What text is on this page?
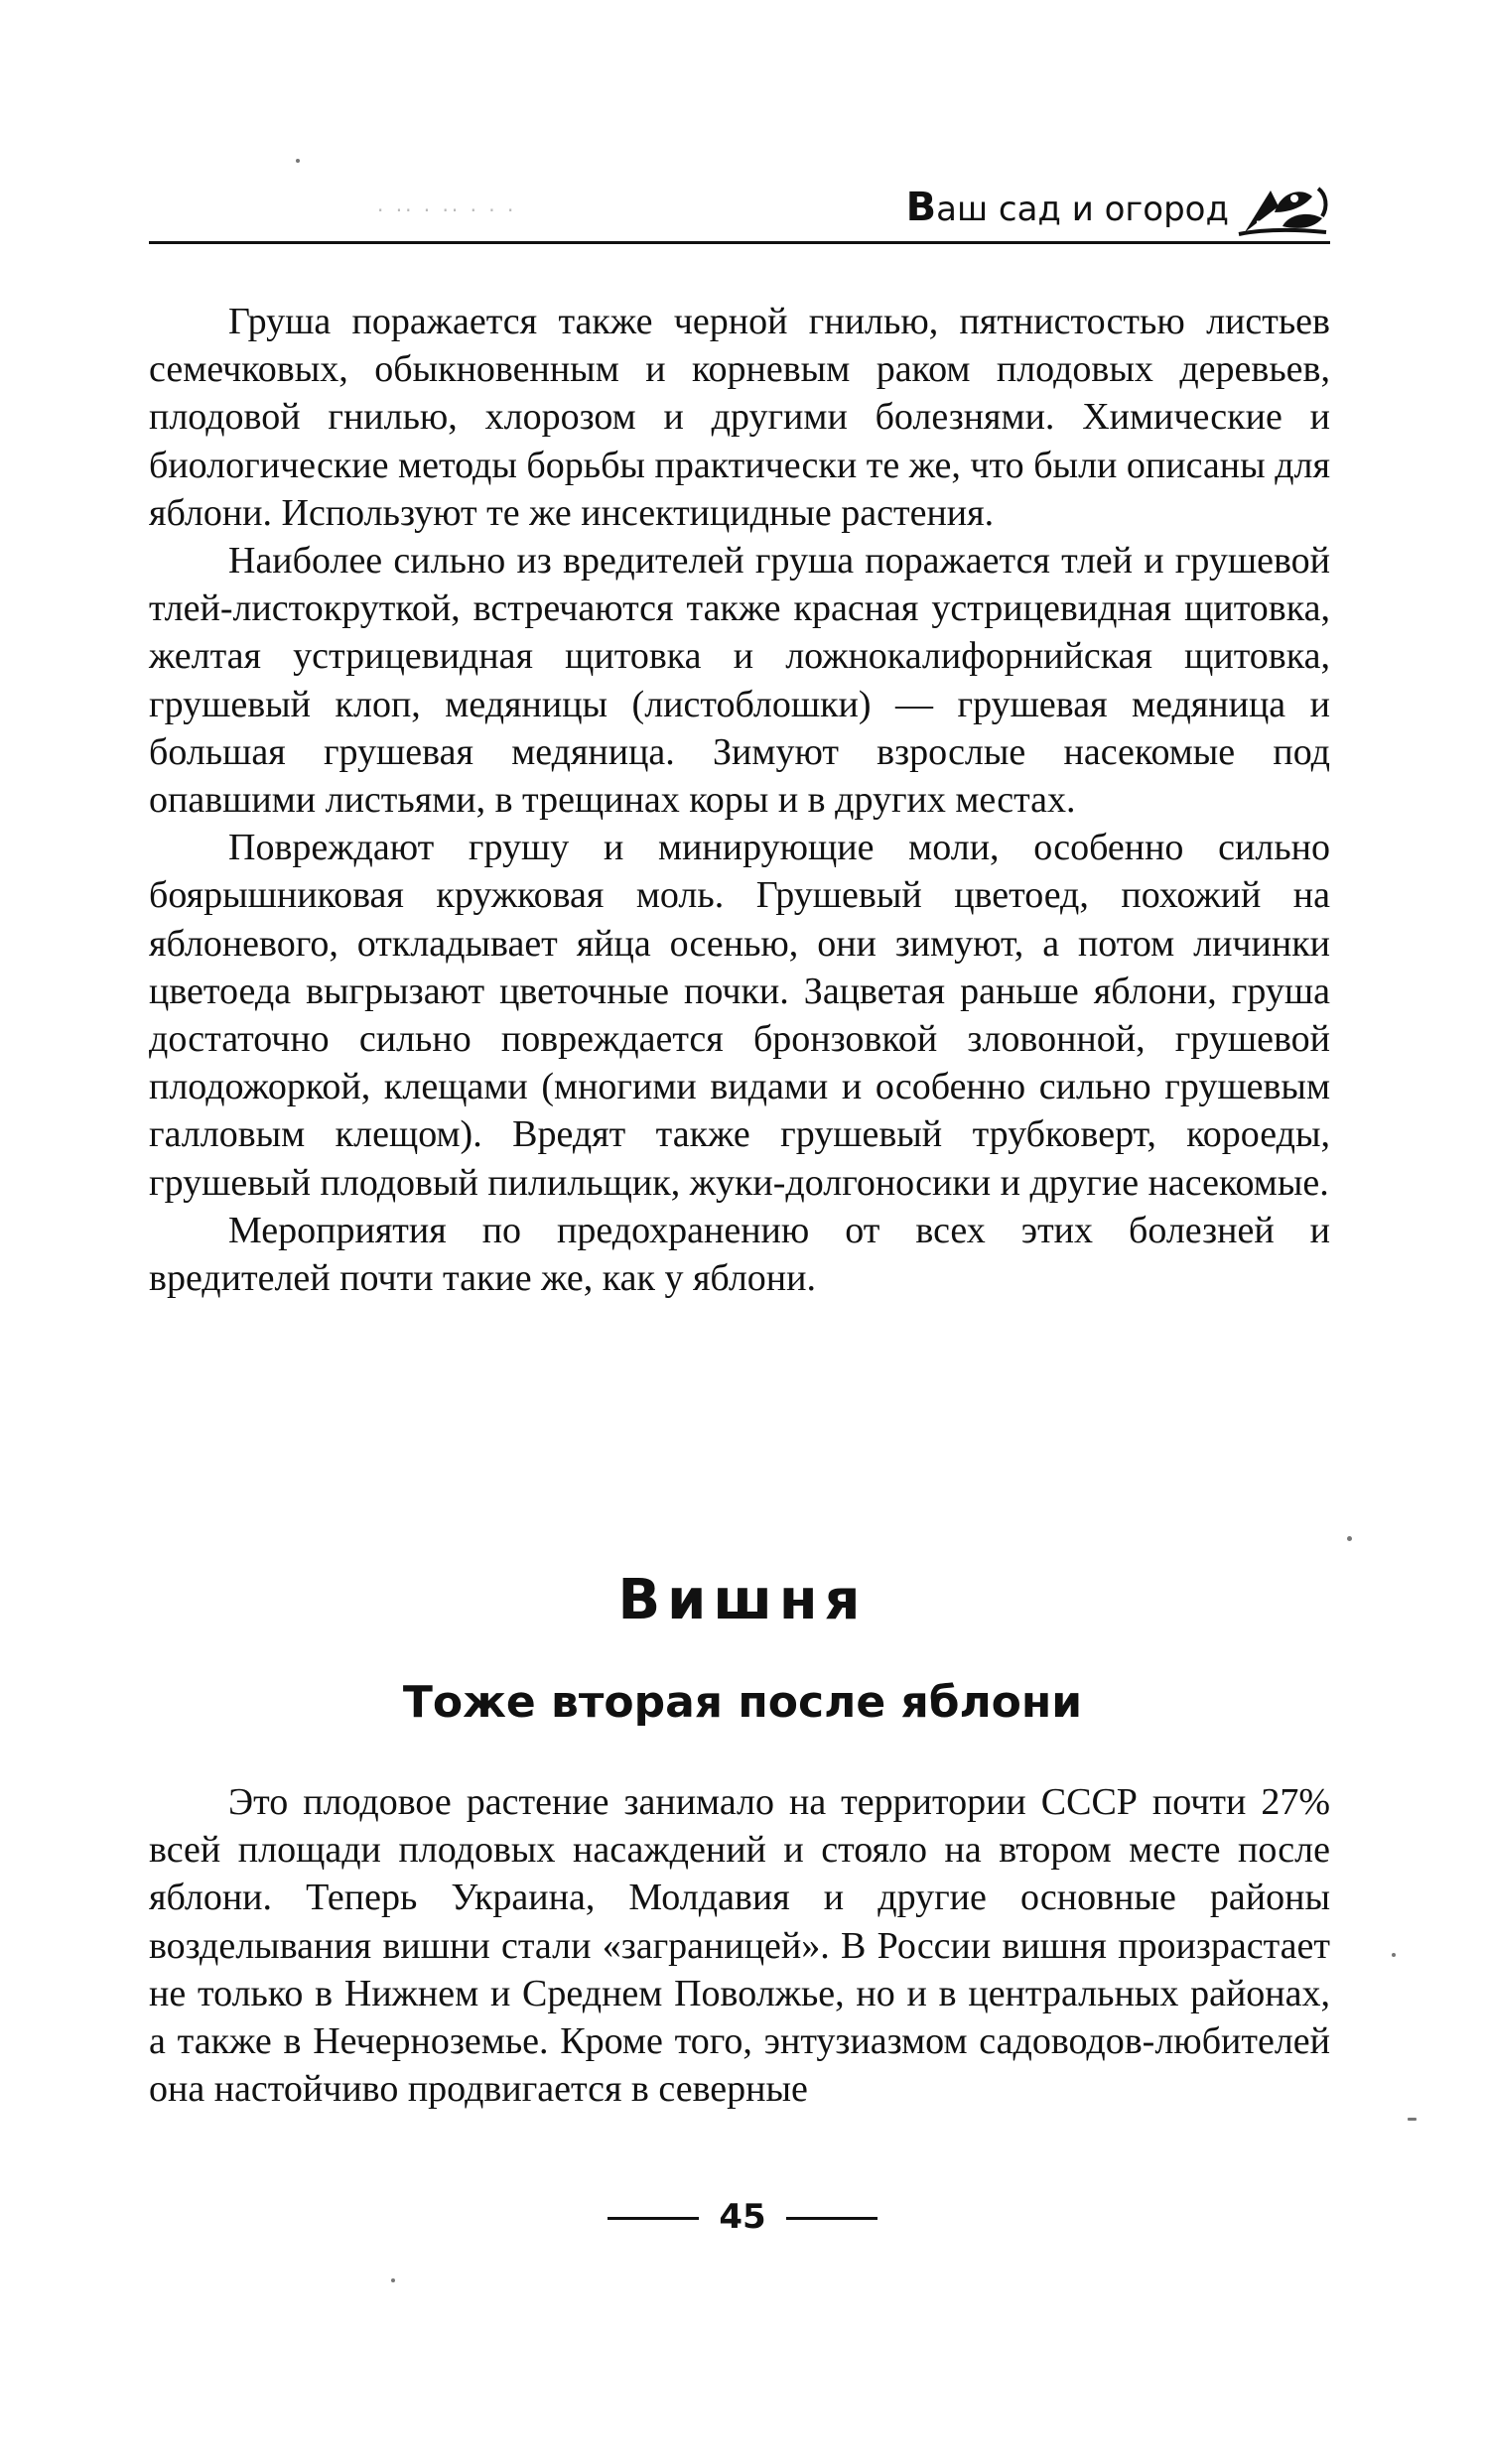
· ·· · ·· · · ·	Ваш сад и огород

Груша поражается также черной гнилью, пятнистостью листьев семечковых, обыкновенным и корневым раком плодовых деревьев, плодовой гнилью, хлорозом и другими болезнями. Химические и биологические методы борьбы практически те же, что были описаны для яблони. Используют те же инсектицидные растения.

Наиболее сильно из вредителей груша поражается тлей и грушевой тлей-листокруткой, встречаются также красная устрицевидная щитовка, желтая устрицевидная щитовка и ложнокалифорнийская щитовка, грушевый клоп, медяницы (листоблошки) — грушевая медяница и большая грушевая медяница. Зимуют взрослые насекомые под опавшими листьями, в трещинах коры и в других местах.

Повреждают грушу и минирующие моли, особенно сильно боярышниковая кружковая моль. Грушевый цветоед, похожий на яблоневого, откладывает яйца осенью, они зимуют, а потом личинки цветоеда выгрызают цветочные почки. Зацветая раньше яблони, груша достаточно сильно повреждается бронзовкой зловонной, грушевой плодожоркой, клещами (многими видами и особенно сильно грушевым галловым клещом). Вредят также грушевый трубковерт, короеды, грушевый плодовый пилильщик, жуки-долгоносики и другие насекомые.

Мероприятия по предохранению от всех этих болезней и вредителей почти такие же, как у яблони.

Вишня
Тоже вторая после яблони

Это плодовое растение занимало на территории СССР почти 27% всей площади плодовых насаждений и стояло на втором месте после яблони. Теперь Украина, Молдавия и другие основные районы возделывания вишни стали «заграницей». В России вишня произрастает не только в Нижнем и Среднем Поволжье, но и в центральных районах, а также в Нечерноземье. Кроме того, энтузиазмом садоводов-любителей она настойчиво продвигается в северные

45
